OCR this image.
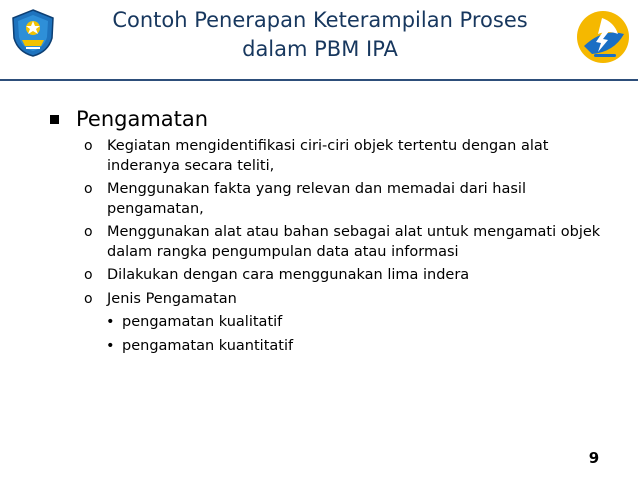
Contoh Penerapan Keterampilan Proses
dalam PBM IPA
Pengamatan
o Kegiatan mengidentifikasi ciri-ciri objek tertentu dengan alat
inderanya secara teliti,
o Menggunakan fakta yang relevan dan memadai dari hasil
pengamatan,
o Menggunakan alat atau bahan sebagai alat untuk mengamati objek
dalam rangka pengumpulan data atau informasi
o Dilakukan dengan cara menggunakan lima indera
o Jenis Pengamatan
• pengamatan kualitatif
• pengamatan kuantitatif
9
